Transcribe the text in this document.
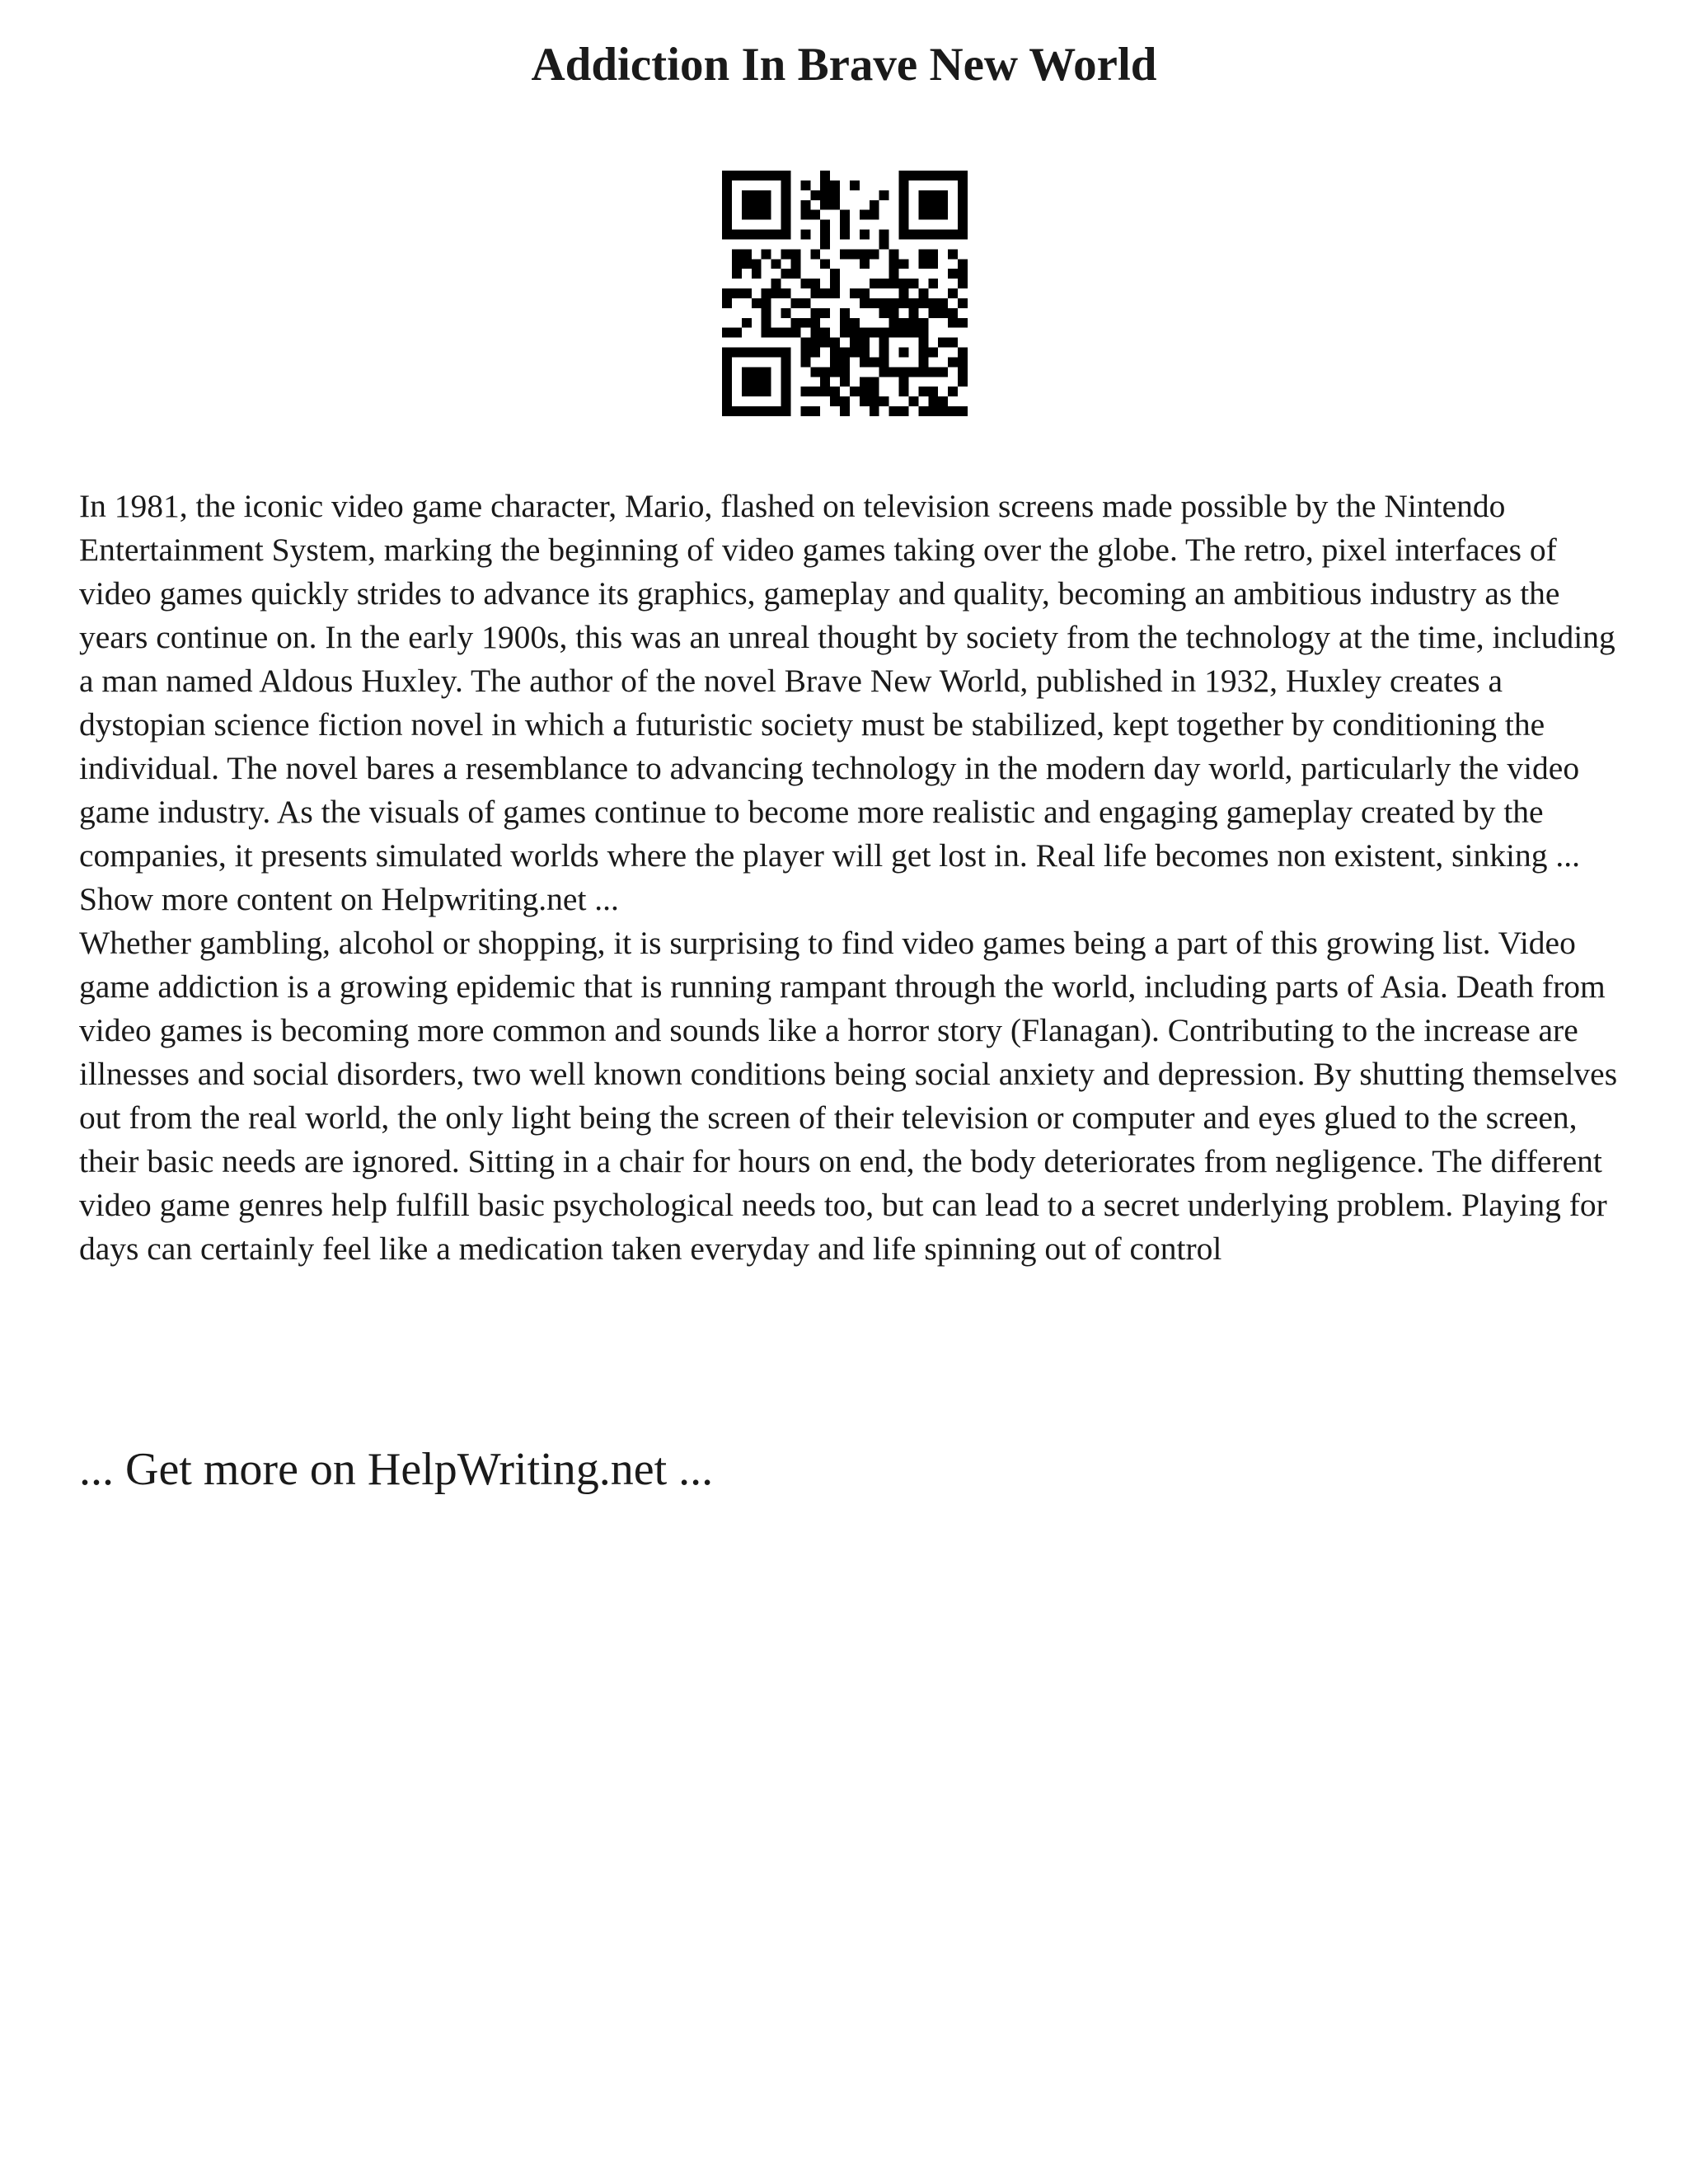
Addiction In Brave New World

In 1981, the iconic video game character, Mario, flashed on television screens made possible by the Nintendo Entertainment System, marking the beginning of video games taking over the globe. The retro, pixel interfaces of video games quickly strides to advance its graphics, gameplay and quality, becoming an ambitious industry as the years continue on. In the early 1900s, this was an unreal thought by society from the technology at the time, including a man named Aldous Huxley. The author of the novel Brave New World, published in 1932, Huxley creates a dystopian science fiction novel in which a futuristic society must be stabilized, kept together by conditioning the individual. The novel bares a resemblance to advancing technology in the modern day world, particularly the video game industry. As the visuals of games continue to become more realistic and engaging gameplay created by the companies, it presents simulated worlds where the player will get lost in. Real life becomes non existent, sinking ... Show more content on Helpwriting.net ...

Whether gambling, alcohol or shopping, it is surprising to find video games being a part of this growing list. Video game addiction is a growing epidemic that is running rampant through the world, including parts of Asia. Death from video games is becoming more common and sounds like a horror story (Flanagan). Contributing to the increase are illnesses and social disorders, two well known conditions being social anxiety and depression. By shutting themselves out from the real world, the only light being the screen of their television or computer and eyes glued to the screen, their basic needs are ignored. Sitting in a chair for hours on end, the body deteriorates from negligence. The different video game genres help fulfill basic psychological needs too, but can lead to a secret underlying problem. Playing for days can certainly feel like a medication taken everyday and life spinning out of control

... Get more on HelpWriting.net ...
